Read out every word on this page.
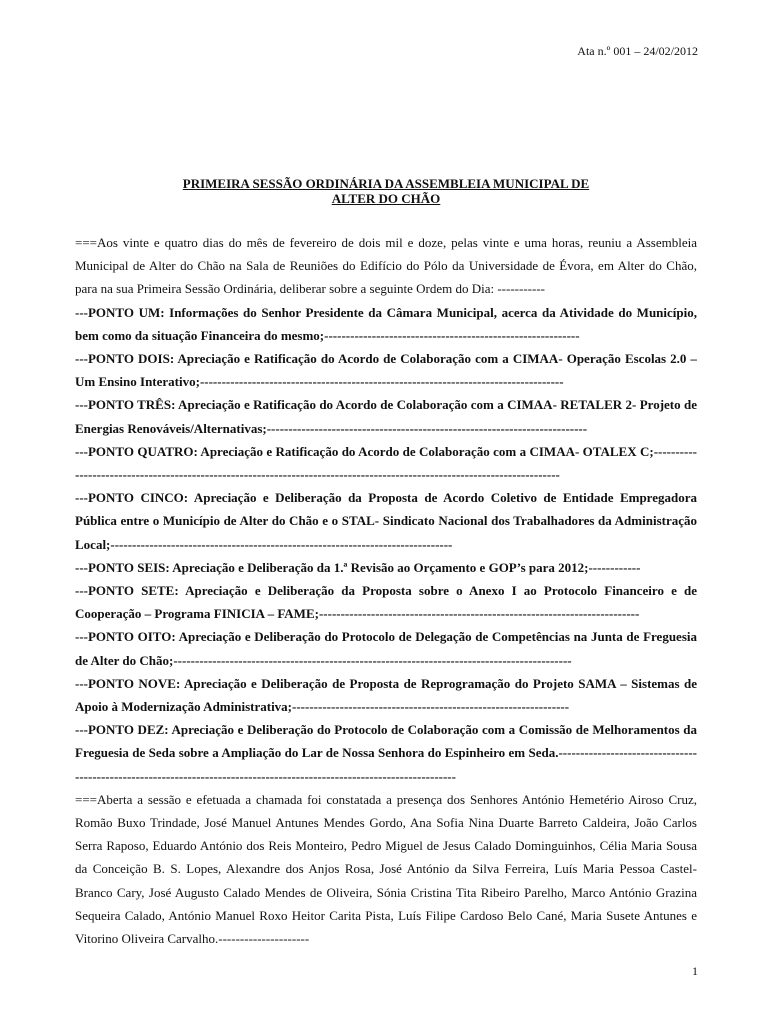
Ata n.º 001 – 24/02/2012
PRIMEIRA SESSÃO ORDINÁRIA DA ASSEMBLEIA MUNICIPAL DE
ALTER DO CHÃO

===Aos vinte e quatro dias do mês de fevereiro de dois mil e doze, pelas vinte e uma horas, reuniu a Assembleia Municipal de Alter do Chão na Sala de Reuniões do Edifício do Pólo da Universidade de Évora, em Alter do Chão, para na sua Primeira Sessão Ordinária, deliberar sobre a seguinte Ordem do Dia: -----------

---PONTO UM: Informações do Senhor Presidente da Câmara Municipal, acerca da Atividade do Município, bem como da situação Financeira do mesmo;-----------------------------------------------------------

---PONTO DOIS: Apreciação e Ratificação do Acordo de Colaboração com a CIMAA- Operação Escolas 2.0 – Um Ensino Interativo;------------------------------------------------------------------------------------

---PONTO TRÊS: Apreciação e Ratificação do Acordo de Colaboração com a CIMAA- RETALER 2- Projeto de Energias Renováveis/Alternativas;--------------------------------------------------------------------------

---PONTO QUATRO: Apreciação e Ratificação do Acordo de Colaboração com a CIMAA- OTALEX C;--------------------------------------------------------------------------------------------------------------------------

---PONTO CINCO: Apreciação e Deliberação da Proposta de Acordo Coletivo de Entidade Empregadora Pública entre o Município de Alter do Chão e o STAL- Sindicato Nacional dos Trabalhadores da Administração Local;-------------------------------------------------------------------------------

---PONTO SEIS: Apreciação e Deliberação da 1.ª Revisão ao Orçamento e GOP’s para 2012;------------

---PONTO SETE: Apreciação e Deliberação da Proposta sobre o Anexo I ao Protocolo Financeiro e de Cooperação – Programa FINICIA – FAME;--------------------------------------------------------------------------

---PONTO OITO: Apreciação e Deliberação do Protocolo de Delegação de Competências na Junta de Freguesia de Alter do Chão;--------------------------------------------------------------------------------------------

---PONTO NOVE: Apreciação e Deliberação de Proposta de Reprogramação do Projeto SAMA – Sistemas de Apoio à Modernização Administrativa;----------------------------------------------------------------

---PONTO DEZ: Apreciação e Deliberação do Protocolo de Colaboração com a Comissão de Melhoramentos da Freguesia de Seda sobre a Ampliação do Lar de Nossa Senhora do Espinheiro em Seda.------------------------------------------------------------------------------------------------------------------------

===Aberta a sessão e efetuada a chamada foi constatada a presença dos Senhores António Hemetério Airoso Cruz, Romão Buxo Trindade, José Manuel Antunes Mendes Gordo, Ana Sofia Nina Duarte Barreto Caldeira, João Carlos Serra Raposo, Eduardo António dos Reis Monteiro, Pedro Miguel de Jesus Calado Dominguinhos, Célia Maria Sousa da Conceição B. S. Lopes, Alexandre dos Anjos Rosa, José António da Silva Ferreira, Luís Maria Pessoa Castel-Branco Cary, José Augusto Calado Mendes de Oliveira, Sónia Cristina Tita Ribeiro Parelho, Marco António Grazina Sequeira Calado, António Manuel Roxo Heitor Carita Pista, Luís Filipe Cardoso Belo Cané, Maria Susete Antunes e Vitorino Oliveira Carvalho.---------------------

1
